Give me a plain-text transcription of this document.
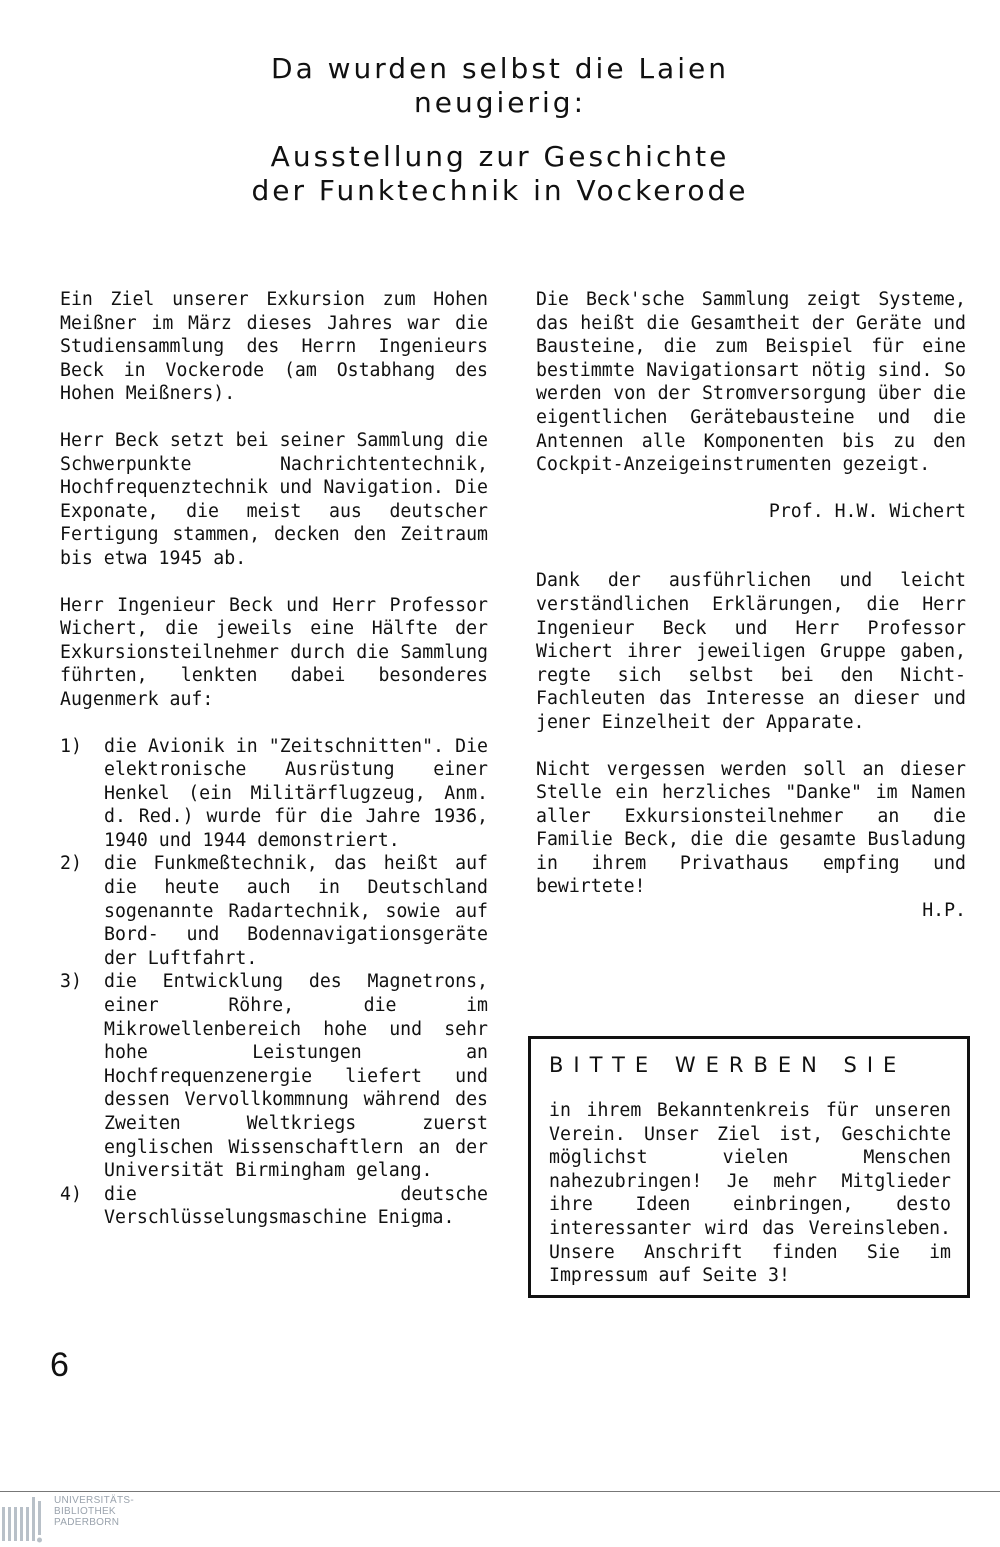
Da wurden selbst die Laien

neugierig:

Ausstellung zur Geschichte

der Funktechnik in Vockerode

Ein Ziel unserer Exkursion zum Hohen Meißner im März dieses Jahres war die Studiensammlung des Herrn Ingenieurs Beck in Vockerode (am Ostabhang des Hohen Meißners).

Herr Beck setzt bei seiner Sammlung die Schwerpunkte Nachrichtentechnik, Hochfrequenztechnik und Navigation. Die Exponate, die meist aus deutscher Fertigung stammen, decken den Zeitraum bis etwa 1945 ab.

Herr Ingenieur Beck und Herr Professor Wichert, die jeweils eine Hälfte der Exkursionsteilnehmer durch die Sammlung führten, lenkten dabei besonderes Augenmerk auf:

1)	die Avionik in "Zeitschnitten". Die elektronische Ausrüstung einer Henkel (ein Militärflugzeug, Anm. d. Red.) wurde für die Jahre 1936, 1940 und 1944 demonstriert.
2)	die Funkmeßtechnik, das heißt auf die heute auch in Deutschland sogenannte Radartechnik, sowie auf Bord- und Bodennavigationsgeräte der Luftfahrt.
3)	die Entwicklung des Magnetrons, einer Röhre, die im Mikrowellenbereich hohe und sehr hohe Leistungen an Hochfrequenzenergie liefert und dessen Vervollkommnung während des Zweiten Weltkriegs zuerst englischen Wissenschaftlern an der Universität Birmingham gelang.
4)	die deutsche Verschlüsselungsmaschine Enigma.

Die Beck'sche Sammlung zeigt Systeme, das heißt die Gesamtheit der Geräte und Bausteine, die zum Beispiel für eine bestimmte Navigationsart nötig sind. So werden von der Stromversorgung über die eigentlichen Gerätebausteine und die Antennen alle Komponenten bis zu den Cockpit-Anzeigeinstrumenten gezeigt.

Prof. H.W. Wichert

Dank der ausführlichen und leicht verständlichen Erklärungen, die Herr Ingenieur Beck und Herr Professor Wichert ihrer jeweiligen Gruppe gaben, regte sich selbst bei den Nicht-Fachleuten das Interesse an dieser und jener Einzelheit der Apparate.

Nicht vergessen werden soll an dieser Stelle ein herzliches "Danke" im Namen aller Exkursionsteilnehmer an die Familie Beck, die die gesamte Busladung in ihrem Privathaus empfing und bewirtete!

H.P.

BITTE WERBEN SIE

in ihrem Bekanntenkreis für unseren Verein. Unser Ziel ist, Geschichte möglichst vielen Menschen nahezubringen! Je mehr Mitglieder ihre Ideen einbringen, desto interessanter wird das Vereinsleben. Unsere Anschrift finden Sie im Impressum auf Seite 3!

6

UNIVERSITÄTS-
BIBLIOTHEK
PADERBORN
